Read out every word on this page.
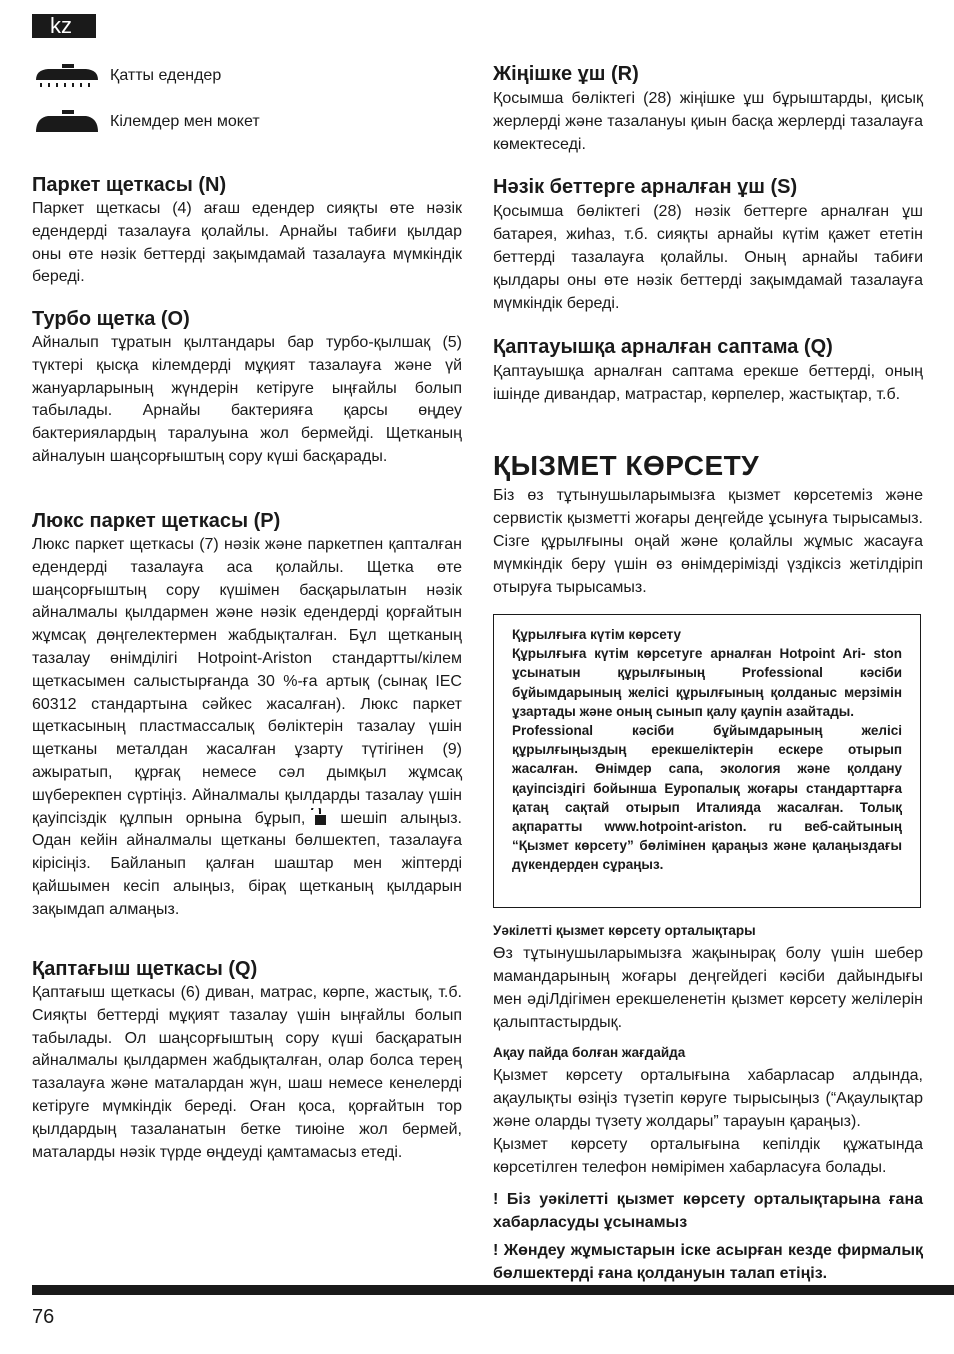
kz
Қатты едендер
Кілемдер мен мокет
Паркет щеткасы (N)

Паркет щеткасы (4) ағаш едендер сияқты өте нәзік едендерді тазалауға қолайлы. Арнайы табиғи қылдар оны өте нәзік беттерді зақымдамай тазалауға мүмкіндік береді.

Турбо щетка (O)

Айналып тұратын қылтандары бар турбо-қылшақ (5) түктері қысқа кілемдерді мұқият тазалауға және үй жануарларының жүндерін кетіруге ыңғайлы болып табылады. Арнайы бактерияға қарсы өңдеу бактериялардың таралуына жол бермейді. Щетканың айналуын шаңсорғыштың сору күші басқарады.

Люкс паркет щеткасы (P)

Люкс паркет щеткасы (7) нәзік және паркетпен қапталған едендерді тазалауға аса қолайлы. Щетка өте шаңсорғыштың сору күшімен басқарылатын нәзік айналмалы қылдармен және нәзік едендерді қорғайтын жұмсақ дөңгелектермен жабдықталған. Бұл щетканың тазалау өнімділігі Hotpoint-Ariston стандартты/кілем щеткасымен салыстырғанда 30 %-ға артық (сынақ IEC 60312 стандартына сәйкес жасалған). Люкс паркет щеткасының пластмассалық бөліктерін тазалау үшін щетканы металдан жасалған ұзарту түтігінен (9) ажыратып, құрғақ немесе сәл дымқыл жұмсақ шүберекпен сүртіңіз. Айналмалы қылдарды тазалау үшін қауіпсіздік құлпын орнына бұрып, шешіп алыңыз. Одан кейін айналмалы щетканы бөлшектеп, тазалауға кірісіңіз. Байланып қалған шаштар мен жіптерді қайшымен кесіп алыңыз, бірақ щетканың қылдарын зақымдап алмаңыз.

Қаптағыш щеткасы (Q)

Қаптағыш щеткасы (6) диван, матрас, көрпе, жастық, т.б. Сияқты беттерді мұқият тазалау үшін ыңғайлы болып табылады. Ол шаңсорғыштың сору күші басқаратын айналмалы қылдармен жабдықталған, олар болса терең тазалауға және маталардан жүн, шаш немесе кенелерді кетіруге мүмкіндік береді. Оған қоса, қорғайтын тор қылдардың тазаланатын бетке тиюіне жол бермей, маталарды нәзік түрде өңдеуді қамтамасыз етеді.

Жіңішке ұш (R)

Қосымша бөліктегі (28) жіңішке ұш бұрыштарды, қисық жерлерді және тазалануы қиын басқа жерлерді тазалауға көмектеседі.

Нәзік беттерге арналған ұш (S)

Қосымша бөліктегі (28) нәзік беттерге арналған ұш батарея, жиһаз, т.б. сияқты арнайы күтім қажет ететін беттерді тазалауға қолайлы. Оның арнайы табиғи қылдары оны өте нәзік беттерді зақымдамай тазалауға мүмкіндік береді.

Қаптауышқа арналған саптама (Q)

Қаптауышқа арналған саптама ерекше беттерді, оның ішінде дивандар, матрастар, көрпелер, жастықтар, т.б.

ҚЫЗМЕТ КӨРСЕТУ

Біз өз тұтынушыларымызға қызмет көрсетеміз және сервистік қызметті жоғары деңгейде ұсынуға тырысамыз. Сізге құрылғыны оңай және қолайлы жұмыс жасауға мүмкіндік беру үшін өз өнімдерімізді үздіксіз жетілдіріп отыруға тырысамыз.

Құрылғыға күтім көрсету

Құрылғыға күтім көрсетуге арналған Hotpoint Ari- ston ұсынатын құрылғының Professional кәсіби бұйымдарының желісі құрылғының қолданыс мерзімін ұзартады және оның сынып қалу қаупін азайтады.

Professional кәсіби бұйымдарының желісі құрылғыңыздың ерекшеліктерін ескере отырып жасалған. Өнімдер сапа, экология және қолдану қауіпсіздігі бойынша Еуропалық жоғары стандарттарға қатаң сақтай отырып Италияда жасалған. Толық ақпаратты www.hotpoint-ariston. ru веб-сайтының “Қызмет көрсету” бөлімінен қараңыз және қалаңыздағы дүкендерден сұраңыз.

Уәкілетті қызмет көрсету орталықтары

Өз тұтынушыларымызға жақынырақ болу үшін шебер мамандарының жоғары деңгейдегі кәсіби дайындығы мен әдіЛдігімен ерекшеленетін қызмет көрсету желілерін қалыптастырдық.

Ақау пайда болған жағдайда

Қызмет көрсету орталығына хабарласар алдында, ақаулықты өзіңіз түзетіп көруге тырысыңыз (“Ақаулықтар және оларды түзету жолдары” тарауын қараңыз).

Қызмет көрсету орталығына кепілдік құжатында көрсетілген телефон нөмірімен хабарласуға болады.

! Біз уәкілетті қызмет көрсету орталықтарына ғана хабарласуды ұсынамыз

! Жөндеу жұмыстарын іске асырған кезде фирмалық бөлшектерді ғана қолдануын талап етіңіз.

76
